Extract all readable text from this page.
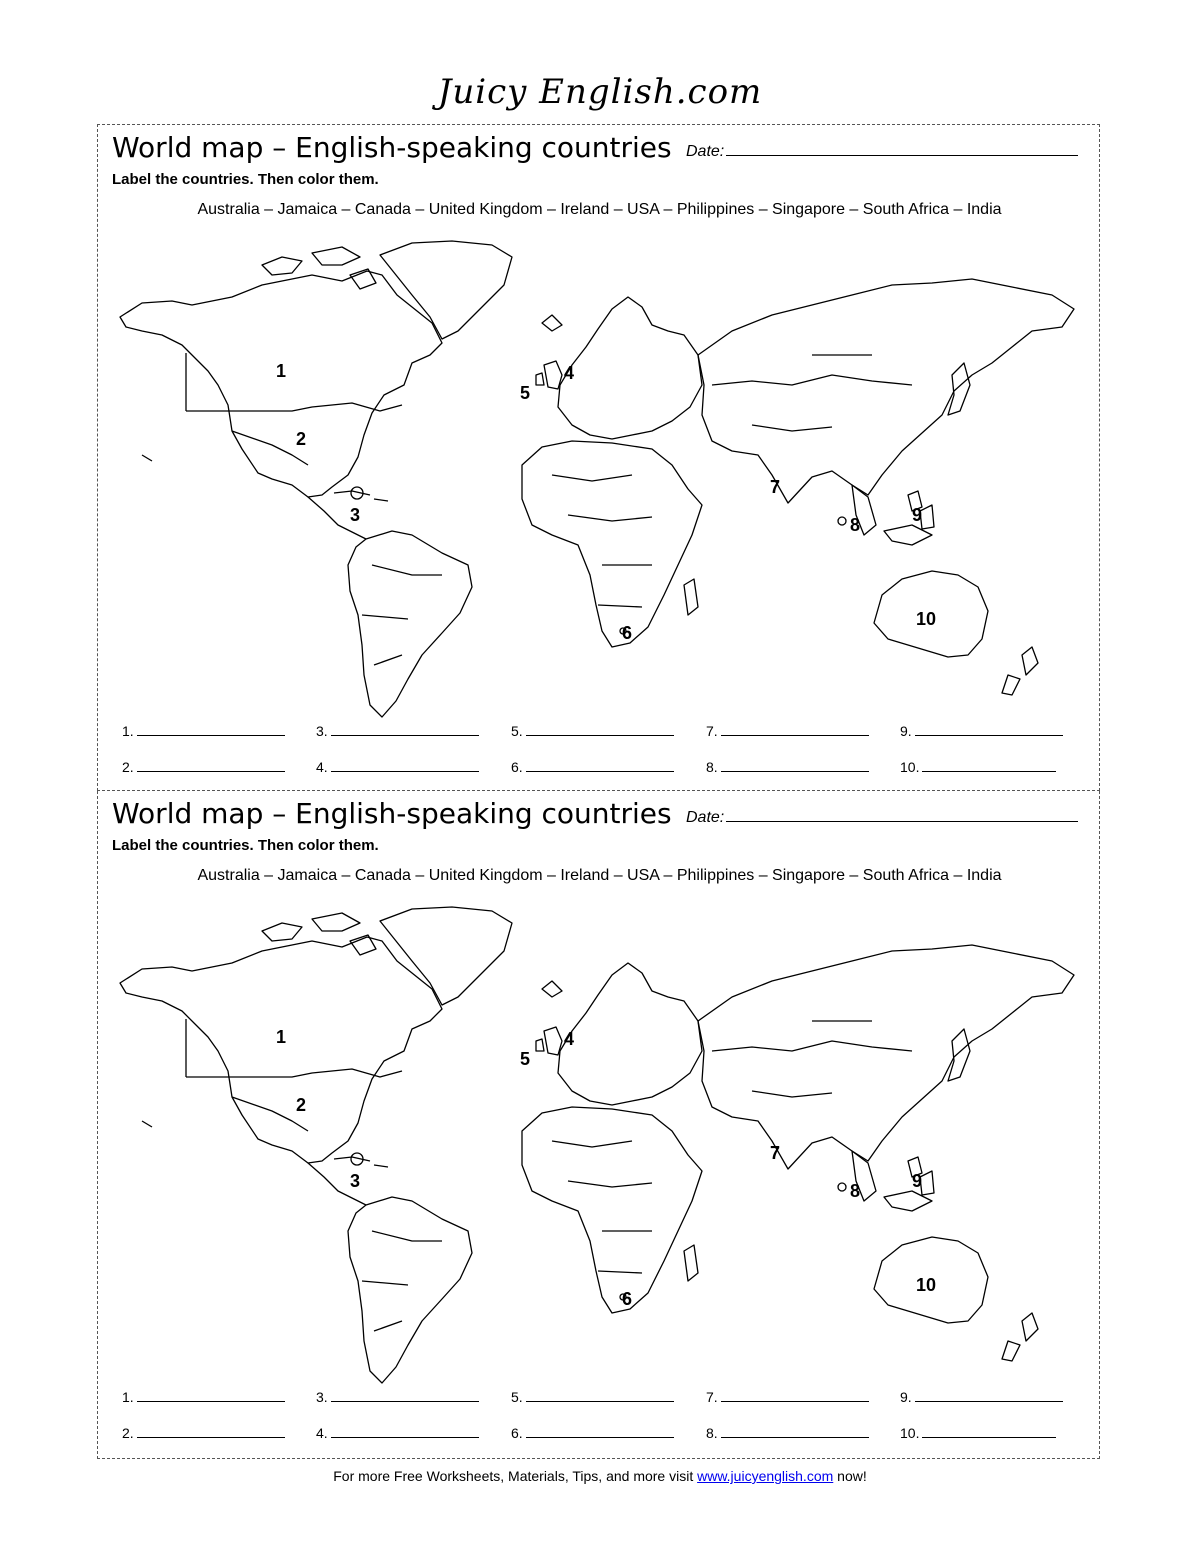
Juicy English.com
World map – English-speaking countries Date:
Label the countries. Then color them.
Australia – Jamaica – Canada – United Kingdom – Ireland – USA – Philippines – Singapore – South Africa – India
1
2
3
4
5
6
7
8	9
10
1.
2.
3.
4.
5.
6.
7.
8.
9.
10.
World map – English-speaking countries Date:
Label the countries. Then color them.
Australia – Jamaica – Canada – United Kingdom – Ireland – USA – Philippines – Singapore – South Africa – India
1
2
3
4
5
6
7
8	9
10
1.
2.
3.
4.
5.
6.
7.
8.
9.
10.
For more Free Worksheets, Materials, Tips, and more visit www.juicyenglish.com now!
